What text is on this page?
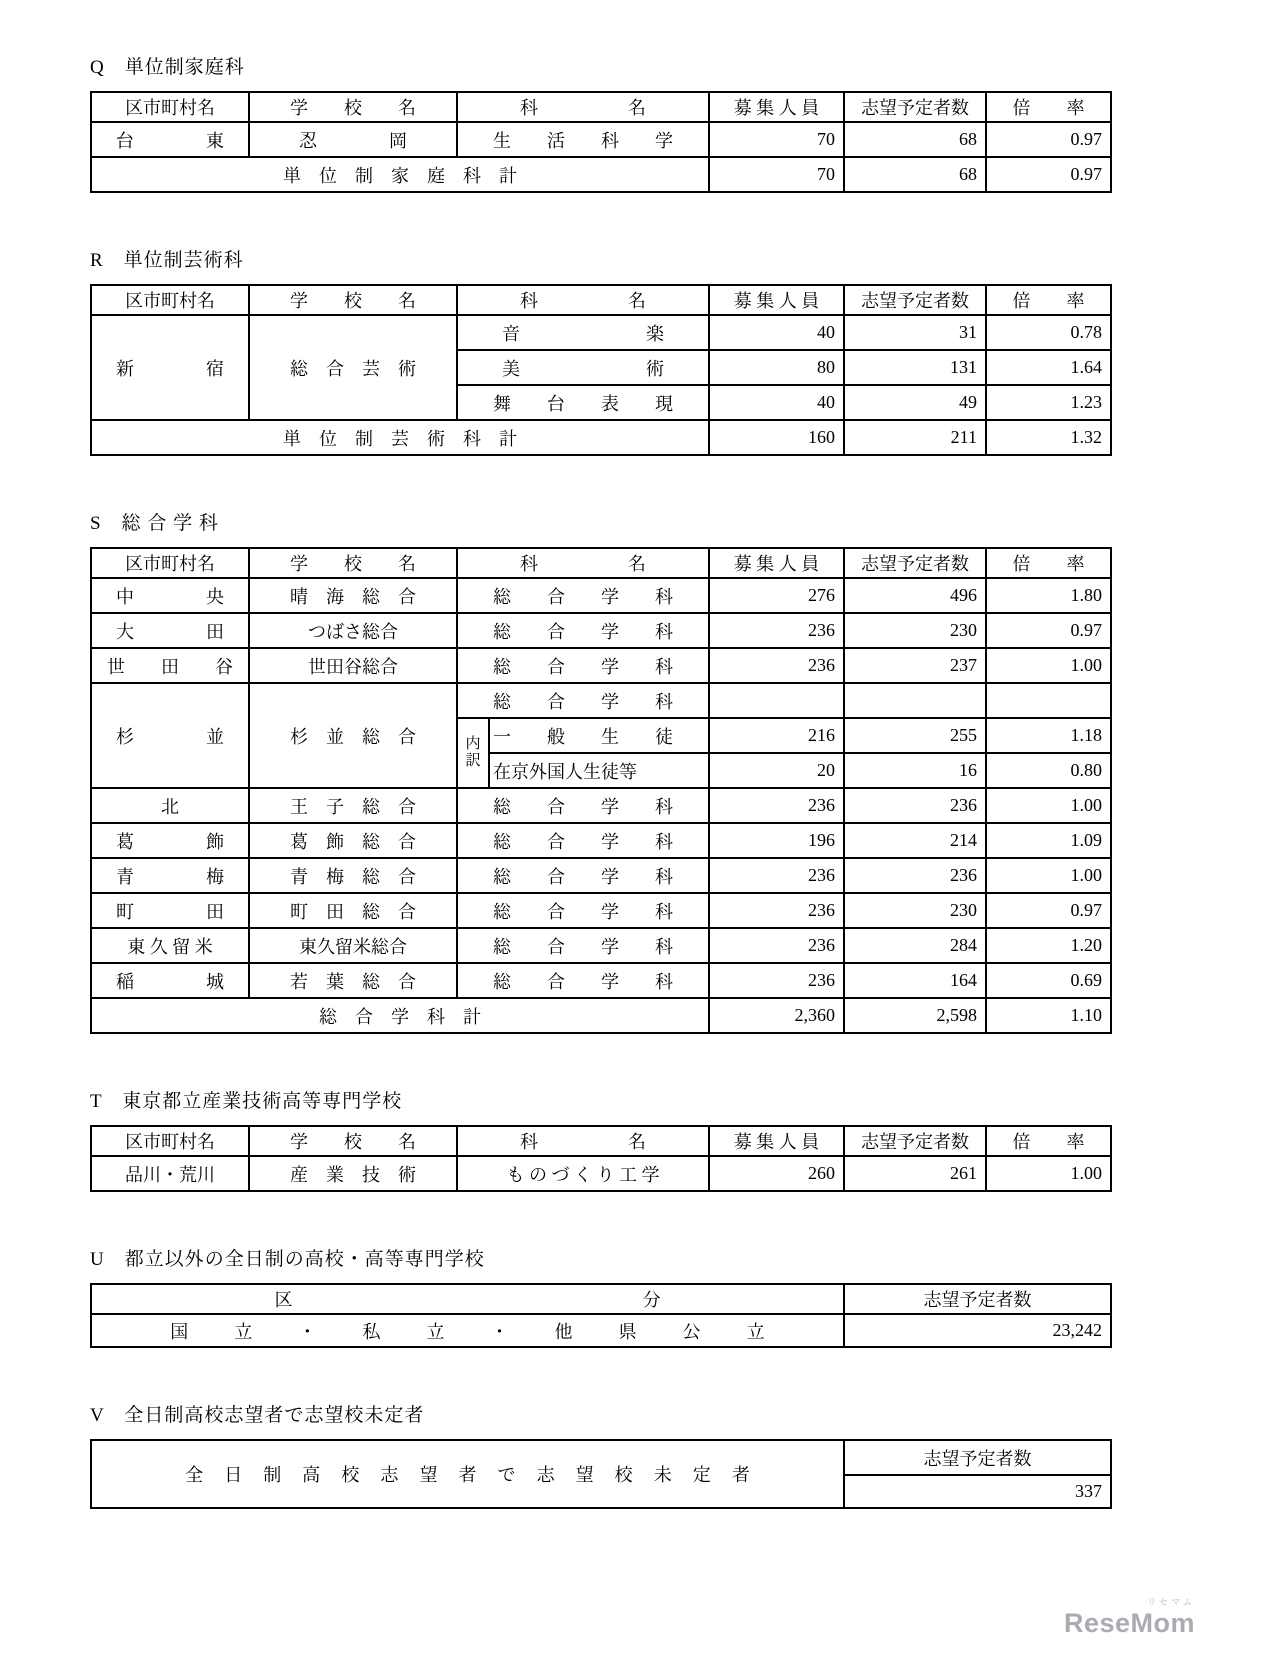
Q　単位制家庭科
区市町村名	学　　校　　名	科　　　　　名	募 集 人 員	志望予定者数	倍　　率
台　　　　東	忍　　　　岡	生　　活　　科　　学	70	68	0.97
単　位　制　家　庭　科　計			70	68	0.97
R　単位制芸術科
区市町村名	学　　校　　名	科　　　　　名	募 集 人 員	志望予定者数	倍　　率
新　　　　宿	総　合　芸　術	音　　　　　　　楽	40	31	0.78
		美　　　　　　　術	80	131	1.64
		舞　　台　　表　　現	40	49	1.23
単　位　制　芸　術　科　計			160	211	1.32
S　総 合 学 科
区市町村名	学　　校　　名	科　　　　　名		募 集 人 員	志望予定者数	倍　　率
中　　　　央	晴　海　総　合	総　　合　　学　　科		276	496	1.80
大　　　　田	つばさ総合	総　　合　　学　　科		236	230	0.97
世　　田　　谷	世田谷総合	総　　合　　学　　科		236	237	1.00
杉　　　　並	杉　並　総　合	総　　合　　学　　科				
		内訳	一　　般　　生　　徒	216	255	1.18
			在京外国人生徒等	20	16	0.80
北	王　子　総　合	総　　合　　学　　科		236	236	1.00
葛　　　　飾	葛　飾　総　合	総　　合　　学　　科		196	214	1.09
青　　　　梅	青　梅　総　合	総　　合　　学　　科		236	236	1.00
町　　　　田	町　田　総　合	総　　合　　学　　科		236	230	0.97
東 久 留 米	東久留米総合	総　　合　　学　　科		236	284	1.20
稲　　　　城	若　葉　総　合	総　　合　　学　　科		236	164	0.69
総　合　学　科　計				2,360	2,598	1.10
T　東京都立産業技術高等専門学校
区市町村名	学　　校　　名	科　　　　　名	募 集 人 員	志望予定者数	倍　　率
品川・荒川	産　業　技　術	も の づ く り 工 学	260	261	1.00
U　都立以外の全日制の高校・高等専門学校
区分	志望予定者数

国立・私立・他県公立	23,242
V　全日制高校志望者で志望校未定者
全日制高校志望者で志望校未定者
	志望予定者数
337
リセマム
ReseMom
